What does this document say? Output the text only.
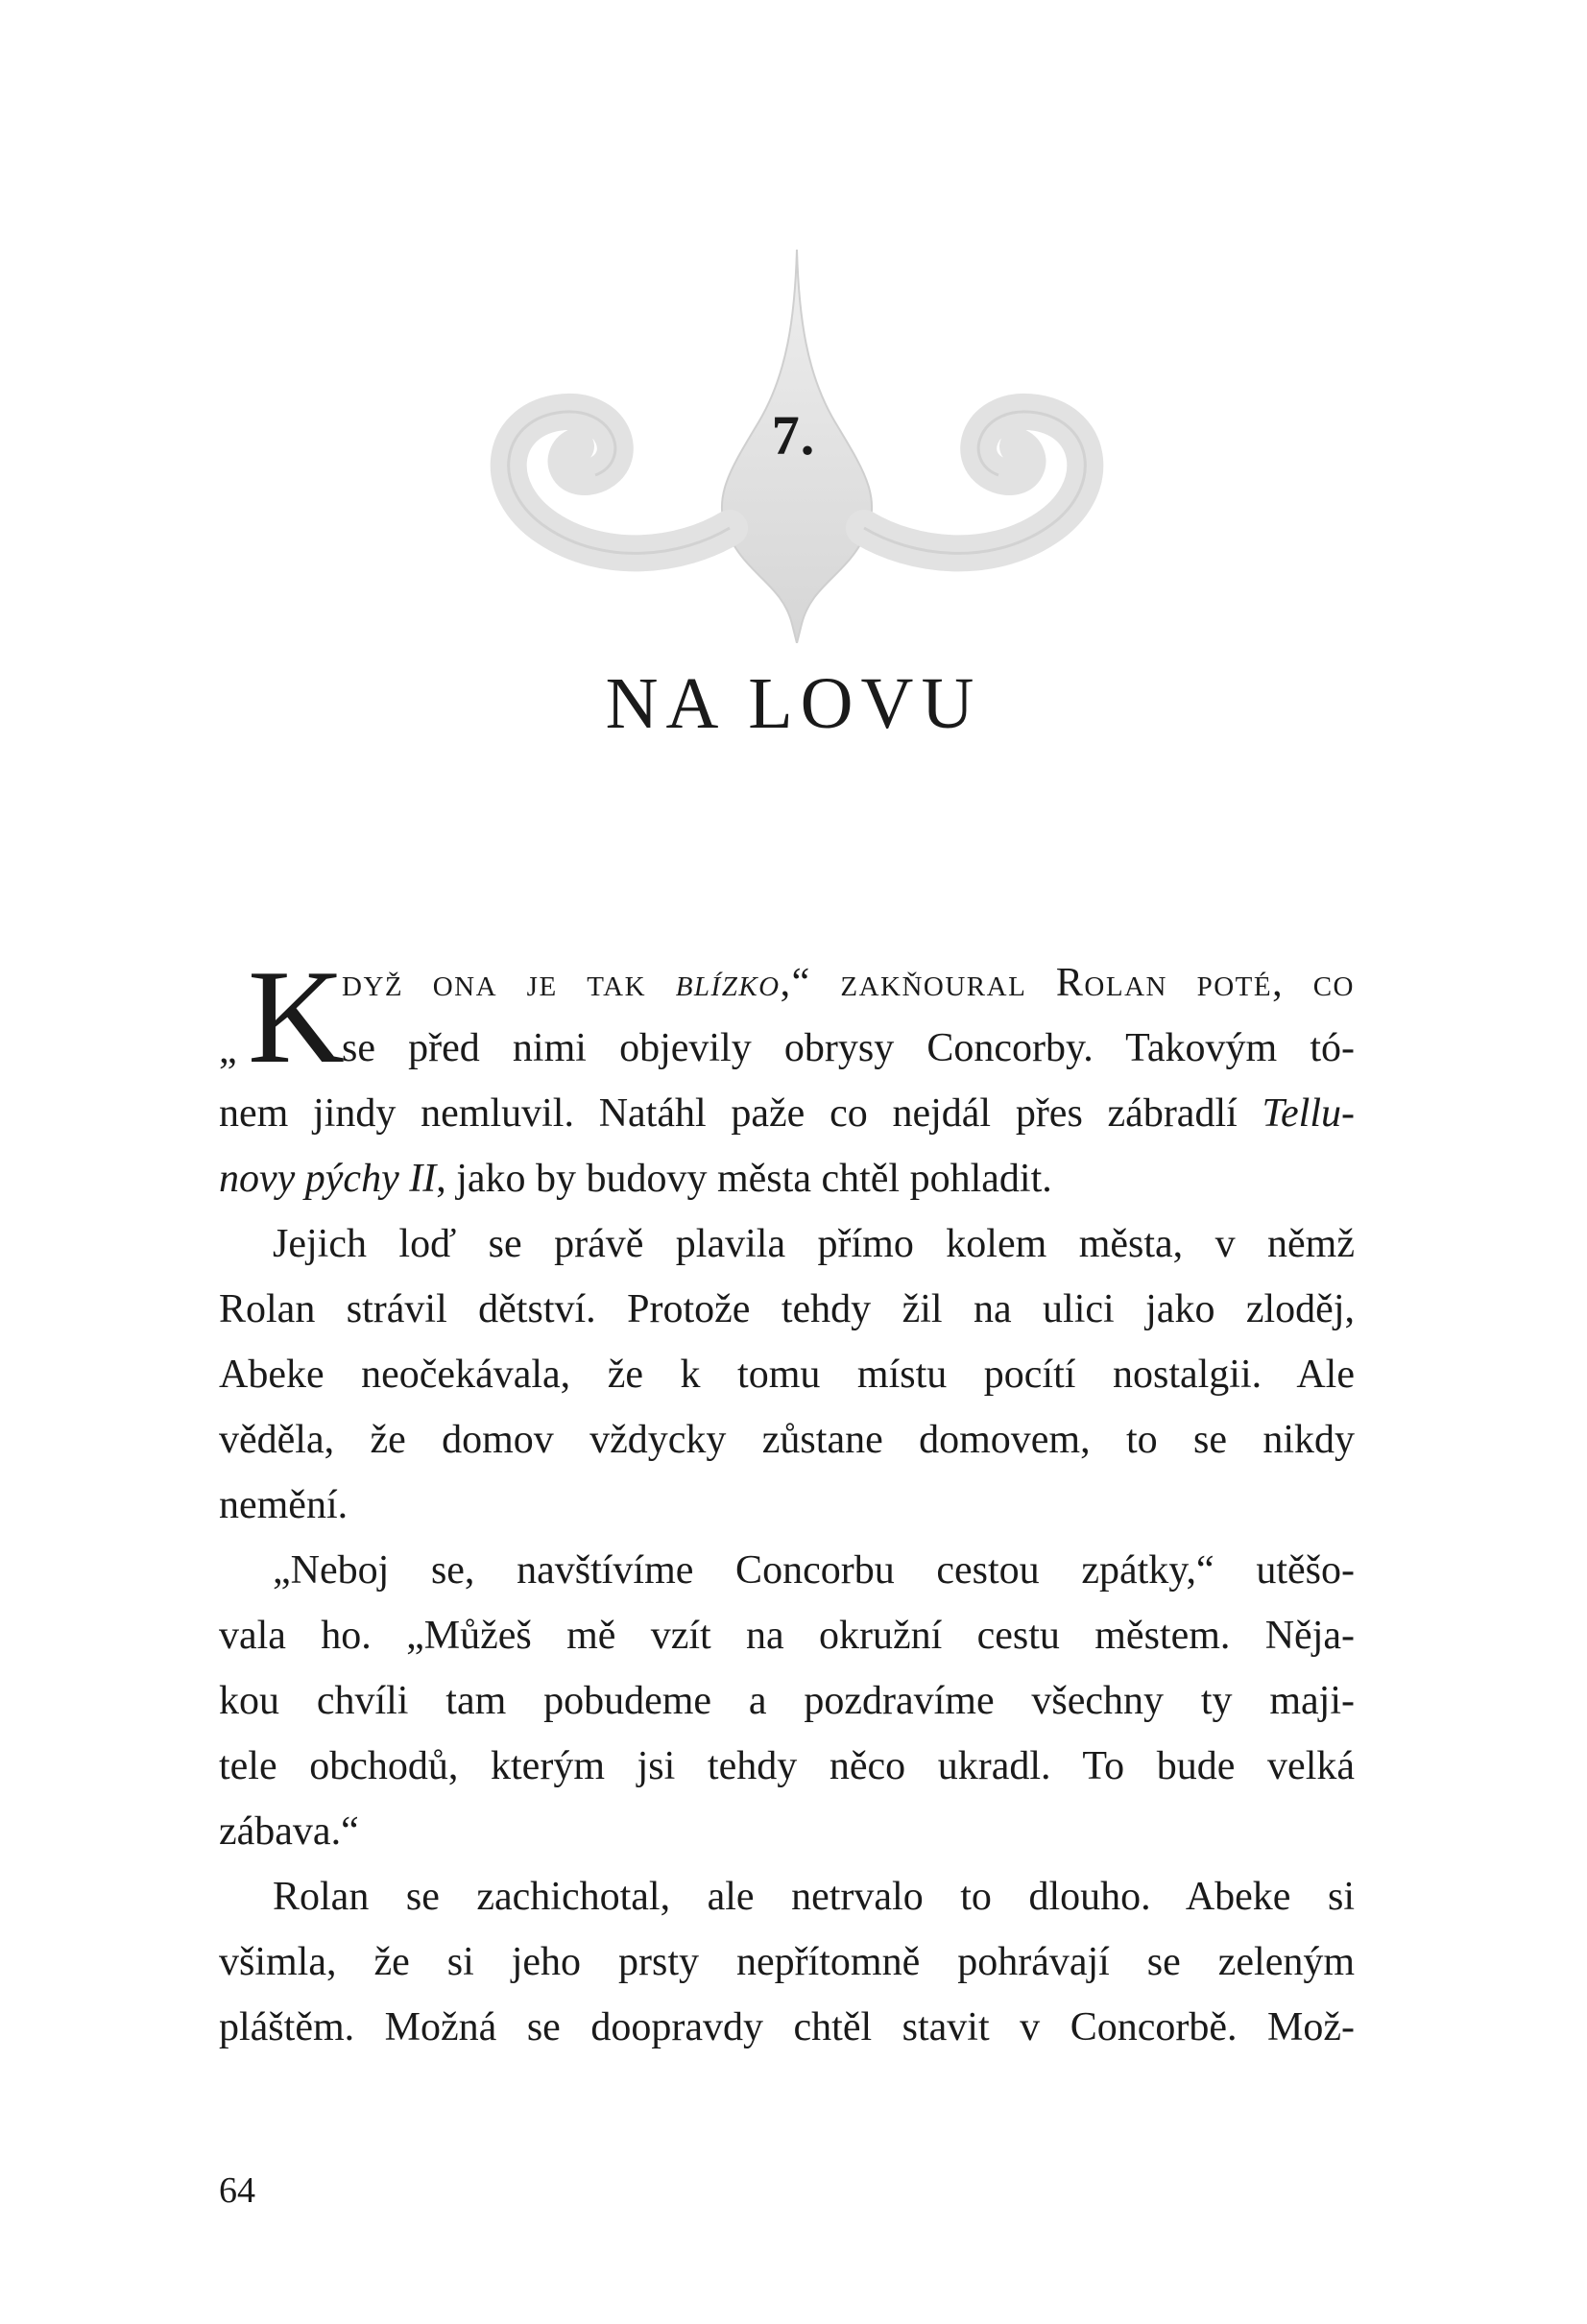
7.
NA LOVU
„ K
dyž ona je tak blízko,“ zakňoural Rolan poté, co
se před nimi objevily obrysy Concorby. Takovým tó-
nem jindy nemluvil. Natáhl paže co nejdál přes zábradlí Tellu-
novy pýchy II, jako by budovy města chtěl pohladit.
Jejich loď se právě plavila přímo kolem města, v němž
Rolan strávil dětství. Protože tehdy žil na ulici jako zloděj,
Abeke neočekávala, že k tomu místu pocítí nostalgii. Ale
věděla, že domov vždycky zůstane domovem, to se nikdy
nemění.
„Neboj se, navštívíme Concorbu cestou zpátky,“ utěšo-
vala ho. „Můžeš mě vzít na okružní cestu městem. Něja-
kou chvíli tam pobudeme a pozdravíme všechny ty maji-
tele obchodů, kterým jsi tehdy něco ukradl. To bude velká
zábava.“
Rolan se zachichotal, ale netrvalo to dlouho. Abeke si
všimla, že si jeho prsty nepřítomně pohrávají se zeleným
pláštěm. Možná se doopravdy chtěl stavit v Concorbě. Mož-
64
